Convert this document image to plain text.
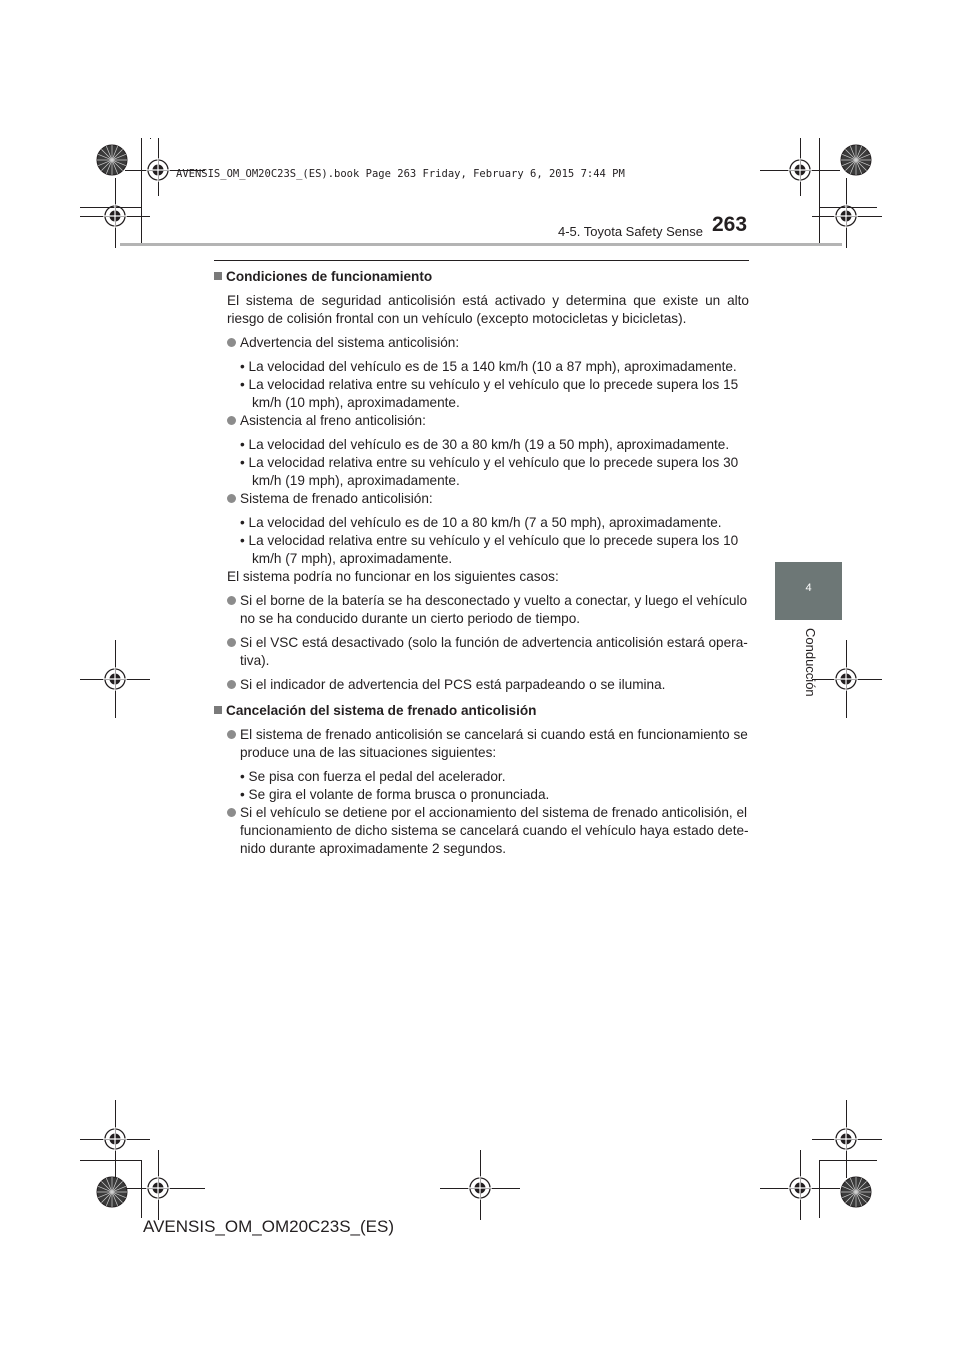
AVENSIS_OM_OM20C23S_(ES).book Page 263 Friday, February 6, 2015 7:44 PM
4-5. Toyota Safety Sense 263
4
Conducción
Condiciones de funcionamiento
El sistema de seguridad anticolisión está activado y determina que existe un alto
riesgo de colisión frontal con un vehículo (excepto motocicletas y bicicletas).
Advertencia del sistema anticolisión:
• La velocidad del vehículo es de 15 a 140 km/h (10 a 87 mph), aproximadamente.
• La velocidad relativa entre su vehículo y el vehículo que lo precede supera los 15
km/h (10 mph), aproximadamente.
Asistencia al freno anticolisión:
• La velocidad del vehículo es de 30 a 80 km/h (19 a 50 mph), aproximadamente.
• La velocidad relativa entre su vehículo y el vehículo que lo precede supera los 30
km/h (19 mph), aproximadamente.
Sistema de frenado anticolisión:
• La velocidad del vehículo es de 10 a 80 km/h (7 a 50 mph), aproximadamente.
• La velocidad relativa entre su vehículo y el vehículo que lo precede supera los 10
km/h (7 mph), aproximadamente.
El sistema podría no funcionar en los siguientes casos:
Si el borne de la batería se ha desconectado y vuelto a conectar, y luego el vehículo
no se ha conducido durante un cierto periodo de tiempo.
Si el VSC está desactivado (solo la función de advertencia anticolisión estará opera-
tiva).
Si el indicador de advertencia del PCS está parpadeando o se ilumina.
Cancelación del sistema de frenado anticolisión
El sistema de frenado anticolisión se cancelará si cuando está en funcionamiento se
produce una de las situaciones siguientes:
• Se pisa con fuerza el pedal del acelerador.
• Se gira el volante de forma brusca o pronunciada.
Si el vehículo se detiene por el accionamiento del sistema de frenado anticolisión, el
funcionamiento de dicho sistema se cancelará cuando el vehículo haya estado dete-
nido durante aproximadamente 2 segundos.
AVENSIS_OM_OM20C23S_(ES)
